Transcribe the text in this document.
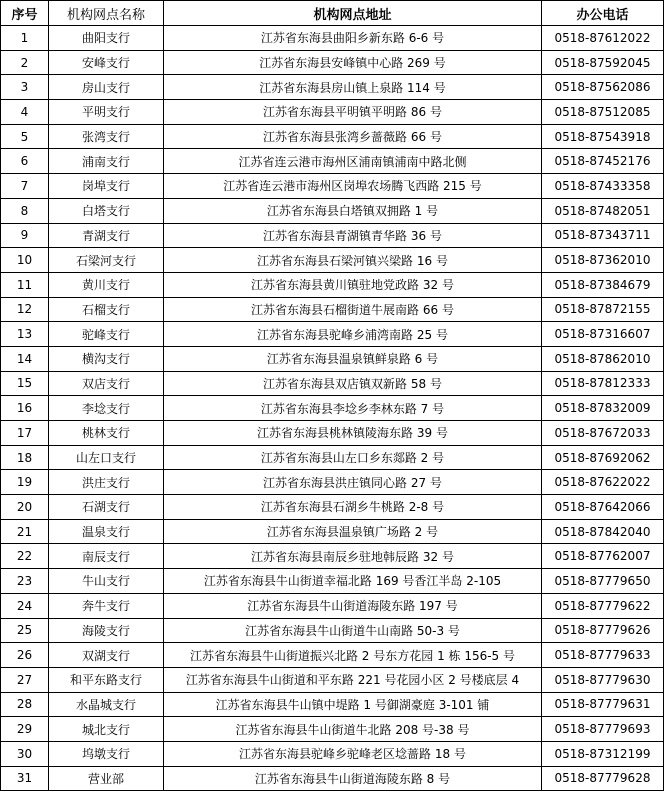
序号	机构网点名称	机构网点地址	办公电话
1	曲阳支行	江苏省东海县曲阳乡新东路 6-6 号	0518-87612022
2	安峰支行	江苏省东海县安峰镇中心路 269 号	0518-87592045
3	房山支行	江苏省东海县房山镇上泉路 114 号	0518-87562086
4	平明支行	江苏省东海县平明镇平明路 86 号	0518-87512085
5	张湾支行	江苏省东海县张湾乡蔷薇路 66 号	0518-87543918
6	浦南支行	江苏省连云港市海州区浦南镇浦南中路北侧	0518-87452176
7	岗埠支行	江苏省连云港市海州区岗埠农场腾飞西路 215 号	0518-87433358
8	白塔支行	江苏省东海县白塔镇双拥路 1 号	0518-87482051
9	青湖支行	江苏省东海县青湖镇青华路 36 号	0518-87343711
10	石梁河支行	江苏省东海县石梁河镇兴梁路 16 号	0518-87362010
11	黄川支行	江苏省东海县黄川镇驻地党政路 32 号	0518-87384679
12	石榴支行	江苏省东海县石榴街道牛展南路 66 号	0518-87872155
13	驼峰支行	江苏省东海县驼峰乡浦湾南路 25 号	0518-87316607
14	横沟支行	江苏省东海县温泉镇鲜泉路 6 号	0518-87862010
15	双店支行	江苏省东海县双店镇双新路 58 号	0518-87812333
16	李埝支行	江苏省东海县李埝乡李林东路 7 号	0518-87832009
17	桃林支行	江苏省东海县桃林镇陵海东路 39 号	0518-87672033
18	山左口支行	江苏省东海县山左口乡东郯路 2 号	0518-87692062
19	洪庄支行	江苏省东海县洪庄镇同心路 27 号	0518-87622022
20	石湖支行	江苏省东海县石湖乡牛桃路 2-8 号	0518-87642066
21	温泉支行	江苏省东海县温泉镇广场路 2 号	0518-87842040
22	南辰支行	江苏省东海县南辰乡驻地韩辰路 32 号	0518-87762007
23	牛山支行	江苏省东海县牛山街道幸福北路 169 号香江半岛 2-105	0518-87779650
24	奔牛支行	江苏省东海县牛山街道海陵东路 197 号	0518-87779622
25	海陵支行	江苏省东海县牛山街道牛山南路 50-3 号	0518-87779626
26	双湖支行	江苏省东海县牛山街道振兴北路 2 号东方花园 1 栋 156-5 号	0518-87779633
27	和平东路支行	江苏省东海县牛山街道和平东路 221 号花园小区 2 号楼底层 4	0518-87779630
28	水晶城支行	江苏省东海县牛山镇中堤路 1 号御湖豪庭 3-101 铺	0518-87779631
29	城北支行	江苏省东海县牛山街道牛北路 208 号-38 号	0518-87779693
30	坞墩支行	江苏省东海县驼峰乡驼峰老区埝蔷路 18 号	0518-87312199
31	营业部	江苏省东海县牛山街道海陵东路 8 号	0518-87779628
